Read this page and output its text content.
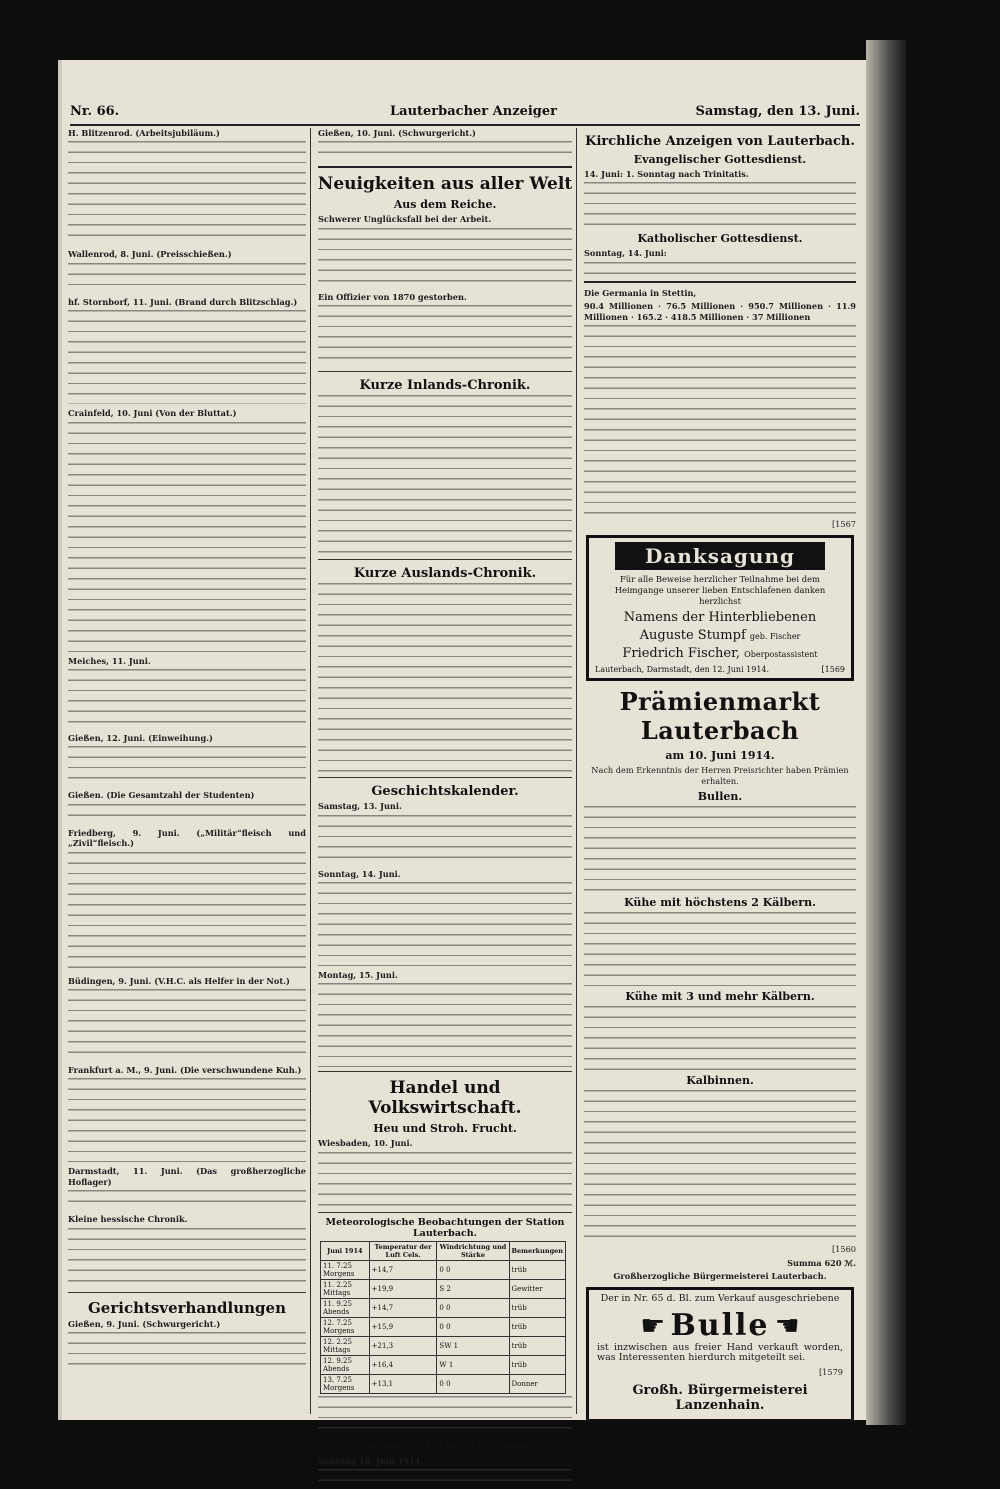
Nr. 66.	Lauterbacher Anzeiger	Samstag, den 13. Juni.
H. Blitzenrod. (Arbeitsjubiläum.)
Wallenrod, 8. Juni. (Preisschießen.)
hf. Stornborf, 11. Juni. (Brand durch Blitzschlag.)
Crainfeld, 10. Juni (Von der Bluttat.)
Meiches, 11. Juni.
Gießen, 12. Juni. (Einweihung.)
Gießen. (Die Gesamtzahl der Studenten)
Friedberg, 9. Juni. („Militär“fleisch und „Zivil“fleisch.)
Büdingen, 9. Juni. (V.H.C. als Helfer in der Not.)
Frankfurt a. M., 9. Juni. (Die verschwundene Kuh.)
Darmstadt, 11. Juni. (Das großherzogliche Hoflager)
Kleine hessische Chronik.
Gerichtsverhandlungen
Gießen, 9. Juni. (Schwurgericht.)
Gießen, 10. Juni. (Schwurgericht.)
Neuigkeiten aus aller Welt
Aus dem Reiche.
Schwerer Unglücksfall bei der Arbeit.
Ein Offizier von 1870 gestorben.
Kurze Inlands-Chronik.
Kurze Auslands-Chronik.
Geschichtskalender.
Samstag, 13. Juni.
Sonntag, 14. Juni.
Montag, 15. Juni.
Handel und Volkswirtschaft.
Heu und Stroh. Frucht.
Wiesbaden, 10. Juni.
Meteorologische Beobachtungen der Station Lauterbach.
Juni 1914	Temperatur der Luft Cels.	Windrichtung und Stärke	Bemerkungen
11. 7.25 Morgens	+14,7	0 0	trüb
11. 2.25 Mittags	+19,9	S 2	Gewitter
11. 9.25 Abends	+14,7	0 0	trüb
12. 7.25 Morgens	+15,9	0 0	trüb
12. 2.25 Mittags	+21,3	SW 1	trüb
12. 9.25 Abends	+16,4	W 1	trüb
13. 7.25 Morgens	+13,1	0 0	Donner
Voraussichtliche Witterung.
Sonntag 14. Juni 1914.
Kirchliche Anzeigen von Lauterbach.
Evangelischer Gottesdienst.
14. Juni: 1. Sonntag nach Trinitatis.
Katholischer Gottesdienst.
Sonntag, 14. Juni:
Die Germania in Stettin,
90.4 Millionen · 76.5 Millionen · 950.7 Millionen · 11.9 Millionen · 165.2 · 418.5 Millionen · 37 Millionen
[1567
Danksagung
Für alle Beweise herzlicher Teilnahme bei dem Heimgange unserer lieben Entschlafenen danken herzlichst
Namens der Hinterbliebenen
Auguste Stumpf geb. Fischer
Friedrich Fischer, Oberpostassistent
Lauterbach, Darmstadt, den 12. Juni 1914.	[1569
Prämienmarkt Lauterbach
am 10. Juni 1914.
Nach dem Erkenntnis der Herren Preisrichter haben Prämien erhalten.
Bullen.
Kühe mit höchstens 2 Kälbern.
Kühe mit 3 und mehr Kälbern.
Kalbinnen.
[1560
Summa 620 ℳ.
Großherzogliche Bürgermeisterei Lauterbach.
Der in Nr. 65 d. Bl. zum Verkauf ausgeschriebene
☛ Bulle ☚
ist inzwischen aus freier Hand verkauft worden, was Interessenten hierdurch mitgeteilt sei.
[1579
Großh. Bürgermeisterei Lanzenhain.
